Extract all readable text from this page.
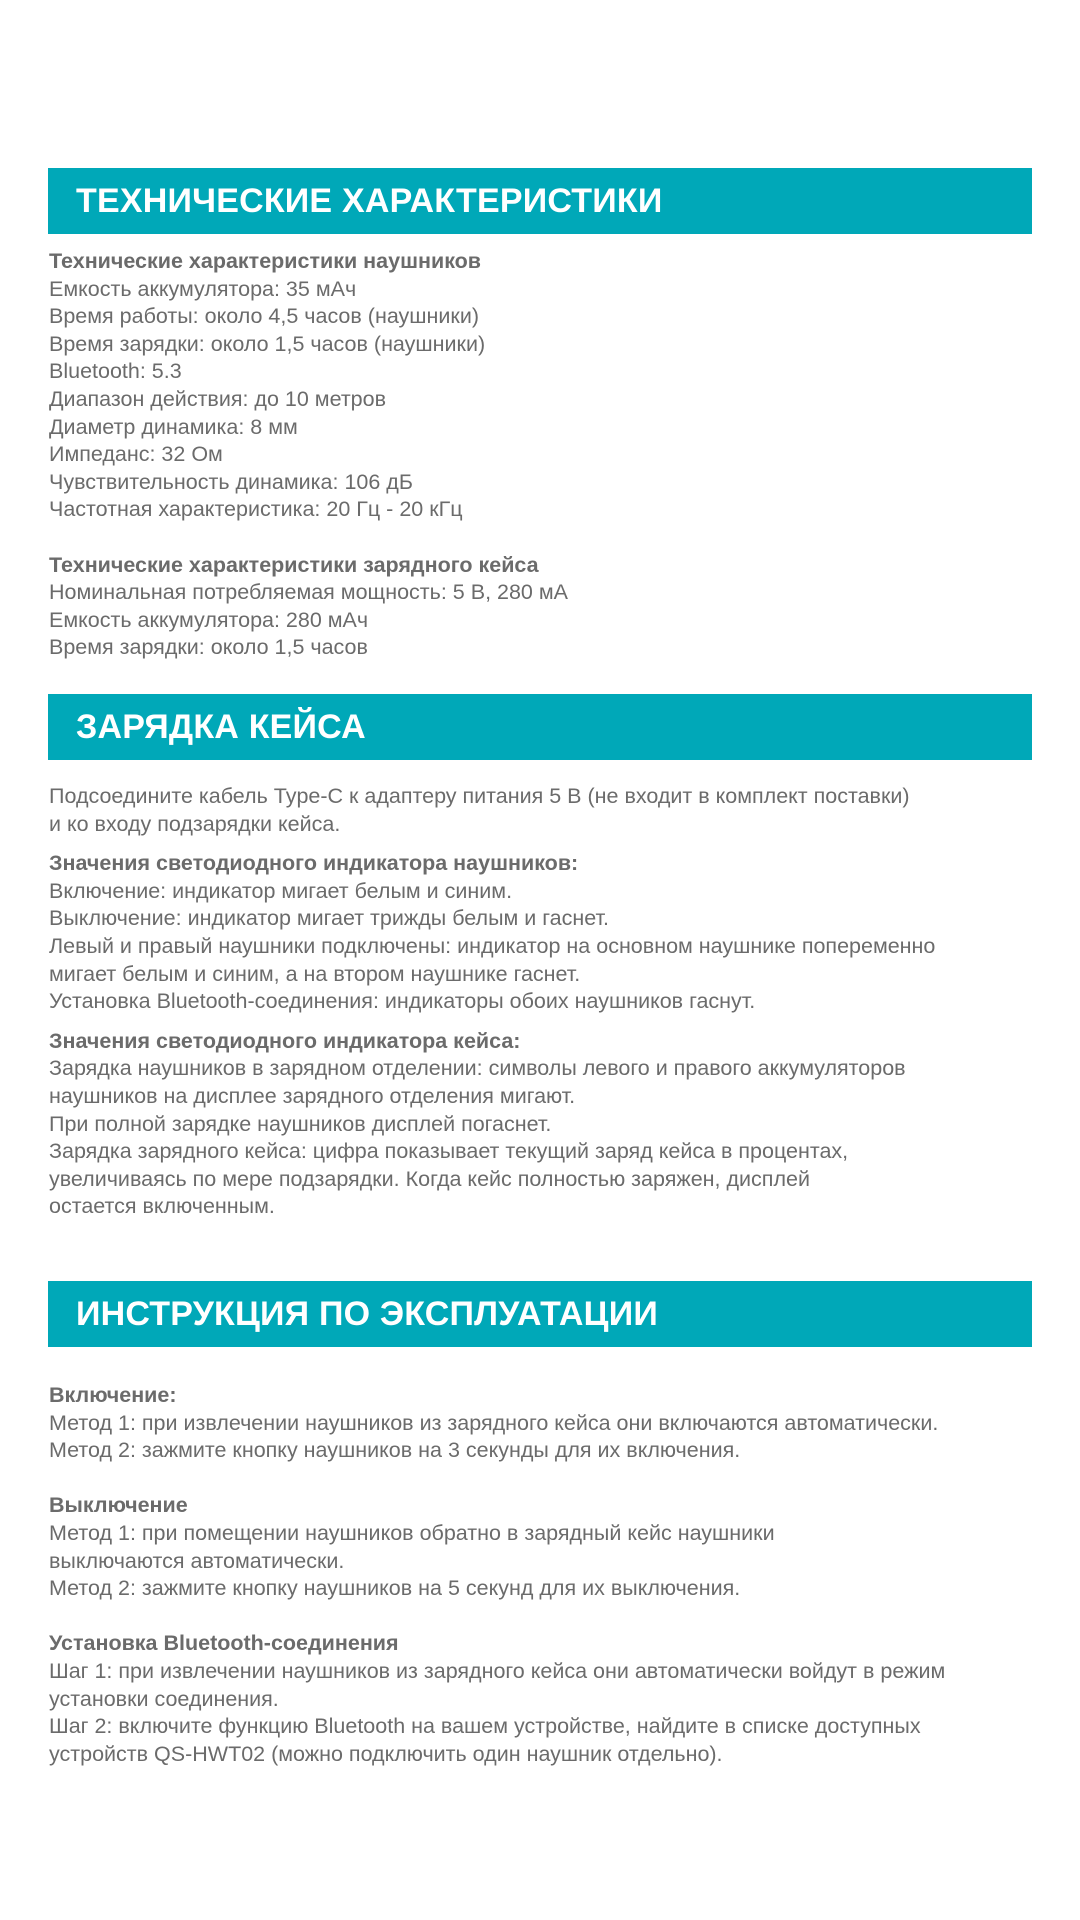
ТЕХНИЧЕСКИЕ ХАРАКТЕРИСТИКИ
Технические характеристики наушников
Емкость аккумулятора: 35 мАч
Время работы: около 4,5 часов (наушники)
Время зарядки: около 1,5 часов (наушники)
Bluetooth: 5.3
Диапазон действия: до 10 метров
Диаметр динамика: 8 мм
Импеданс: 32 Ом
Чувствительность динамика: 106 дБ
Частотная характеристика: 20 Гц - 20 кГц
Технические характеристики зарядного кейса
Номинальная потребляемая мощность: 5 В, 280 мА
Емкость аккумулятора: 280 мАч
Время зарядки: около 1,5 часов
ЗАРЯДКА КЕЙСА
Подсоедините кабель Type-C к адаптеру питания 5 В (не входит в комплект поставки)
и ко входу подзарядки кейса.
Значения светодиодного индикатора наушников:
Включение: индикатор мигает белым и синим.
Выключение: индикатор мигает трижды белым и гаснет.
Левый и правый наушники подключены: индикатор на основном наушнике попеременно
мигает белым и синим, а на втором наушнике гаснет.
Установка Bluetooth-соединения: индикаторы обоих наушников гаснут.
Значения светодиодного индикатора кейса:
Зарядка наушников в зарядном отделении: символы левого и правого аккумуляторов
наушников на дисплее зарядного отделения мигают.
При полной зарядке наушников дисплей погаснет.
Зарядка зарядного кейса: цифра показывает текущий заряд кейса в процентах,
увеличиваясь по мере подзарядки. Когда кейс полностью заряжен, дисплей
остается включенным.
ИНСТРУКЦИЯ ПО ЭКСПЛУАТАЦИИ
Включение:
Метод 1: при извлечении наушников из зарядного кейса они включаются автоматически.
Метод 2: зажмите кнопку наушников на 3 секунды для их включения.
Выключение
Метод 1: при помещении наушников обратно в зарядный кейс наушники
выключаются автоматически.
Метод 2: зажмите кнопку наушников на 5 секунд для их выключения.
Установка Bluetooth-соединения
Шаг 1: при извлечении наушников из зарядного кейса они автоматически войдут в режим
установки соединения.
Шаг 2: включите функцию Bluetooth на вашем устройстве, найдите в списке доступных
устройств QS-HWT02 (можно подключить один наушник отдельно).
